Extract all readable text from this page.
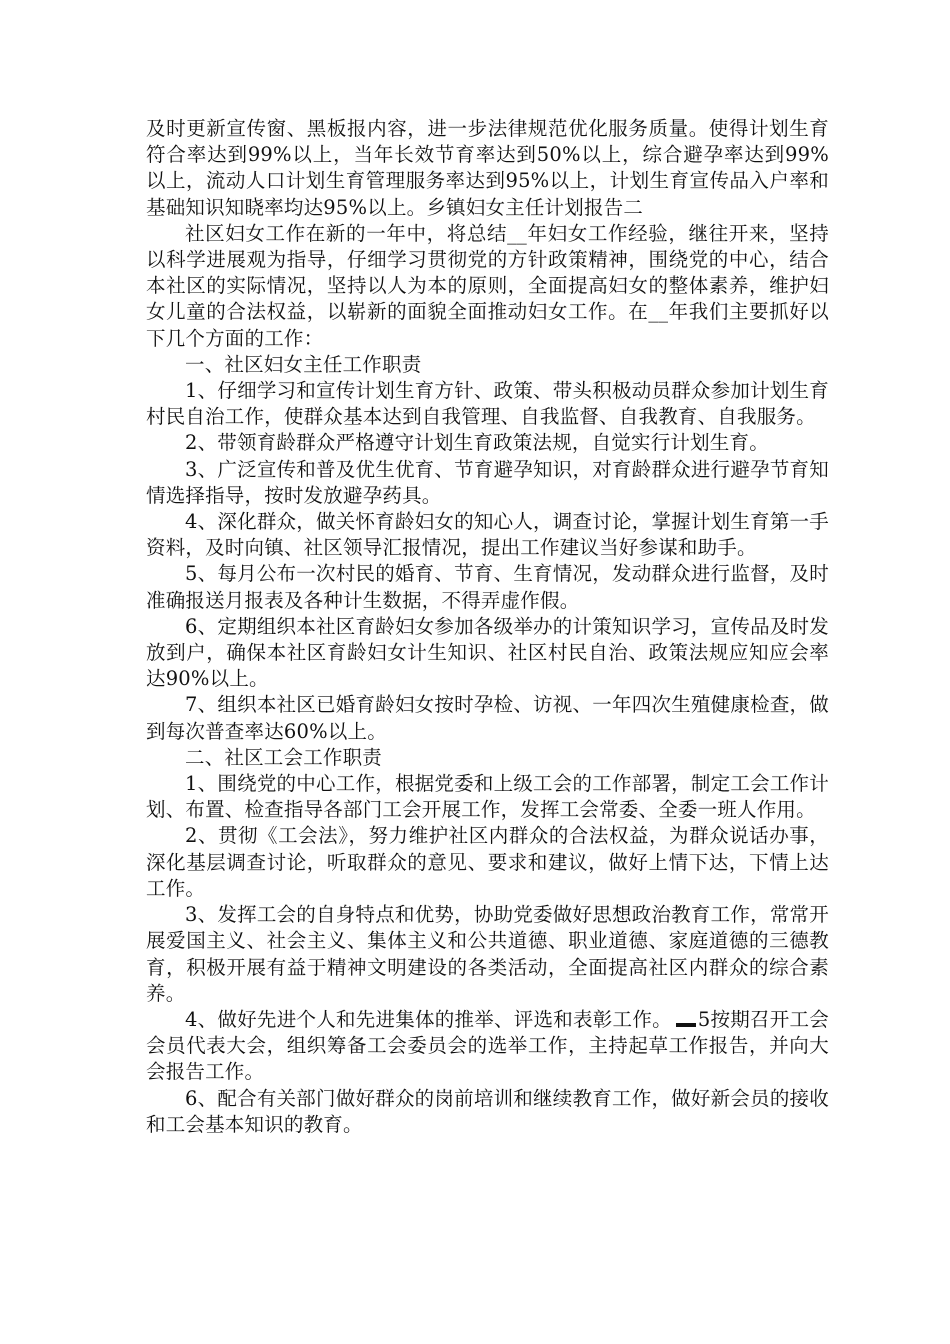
及时更新宣传窗、黑板报内容，进一步法律规范优化服务质量。使得计划生育符合率达到99%以上，当年长效节育率达到50%以上，综合避孕率达到99%以上，流动人口计划生育管理服务率达到95%以上，计划生育宣传品入户率和基础知识知晓率均达95%以上。乡镇妇女主任计划报告二

社区妇女工作在新的一年中，将总结__年妇女工作经验，继往开来，坚持以科学进展观为指导，仔细学习贯彻党的方针政策精神，围绕党的中心，结合本社区的实际情况，坚持以人为本的原则，全面提高妇女的整体素养，维护妇女儿童的合法权益，以崭新的面貌全面推动妇女工作。在__年我们主要抓好以下几个方面的工作：

一、社区妇女主任工作职责

1、仔细学习和宣传计划生育方针、政策、带头积极动员群众参加计划生育村民自治工作，使群众基本达到自我管理、自我监督、自我教育、自我服务。

2、带领育龄群众严格遵守计划生育政策法规，自觉实行计划生育。

3、广泛宣传和普及优生优育、节育避孕知识，对育龄群众进行避孕节育知情选择指导，按时发放避孕药具。

4、深化群众，做关怀育龄妇女的知心人，调查讨论，掌握计划生育第一手资料，及时向镇、社区领导汇报情况，提出工作建议当好参谋和助手。

5、每月公布一次村民的婚育、节育、生育情况，发动群众进行监督，及时准确报送月报表及各种计生数据，不得弄虚作假。

6、定期组织本社区育龄妇女参加各级举办的计策知识学习，宣传品及时发放到户，确保本社区育龄妇女计生知识、社区村民自治、政策法规应知应会率达90%以上。

7、组织本社区已婚育龄妇女按时孕检、访视、一年四次生殖健康检查，做到每次普查率达60%以上。

二、社区工会工作职责

1、围绕党的中心工作，根据党委和上级工会的工作部署，制定工会工作计划、布置、检查指导各部门工会开展工作，发挥工会常委、全委一班人作用。

2、贯彻《工会法》，努力维护社区内群众的合法权益，为群众说话办事，深化基层调查讨论，听取群众的意见、要求和建议，做好上情下达，下情上达工作。

3、发挥工会的自身特点和优势，协助党委做好思想政治教育工作，常常开展爱国主义、社会主义、集体主义和公共道德、职业道德、家庭道德的三德教育，积极开展有益于精神文明建设的各类活动，全面提高社区内群众的综合素养。

4、做好先进个人和先进集体的推举、评选和表彰工作。 5按期召开工会会员代表大会，组织筹备工会委员会的选举工作，主持起草工作报告，并向大会报告工作。

6、配合有关部门做好群众的岗前培训和继续教育工作，做好新会员的接收和工会基本知识的教育。
